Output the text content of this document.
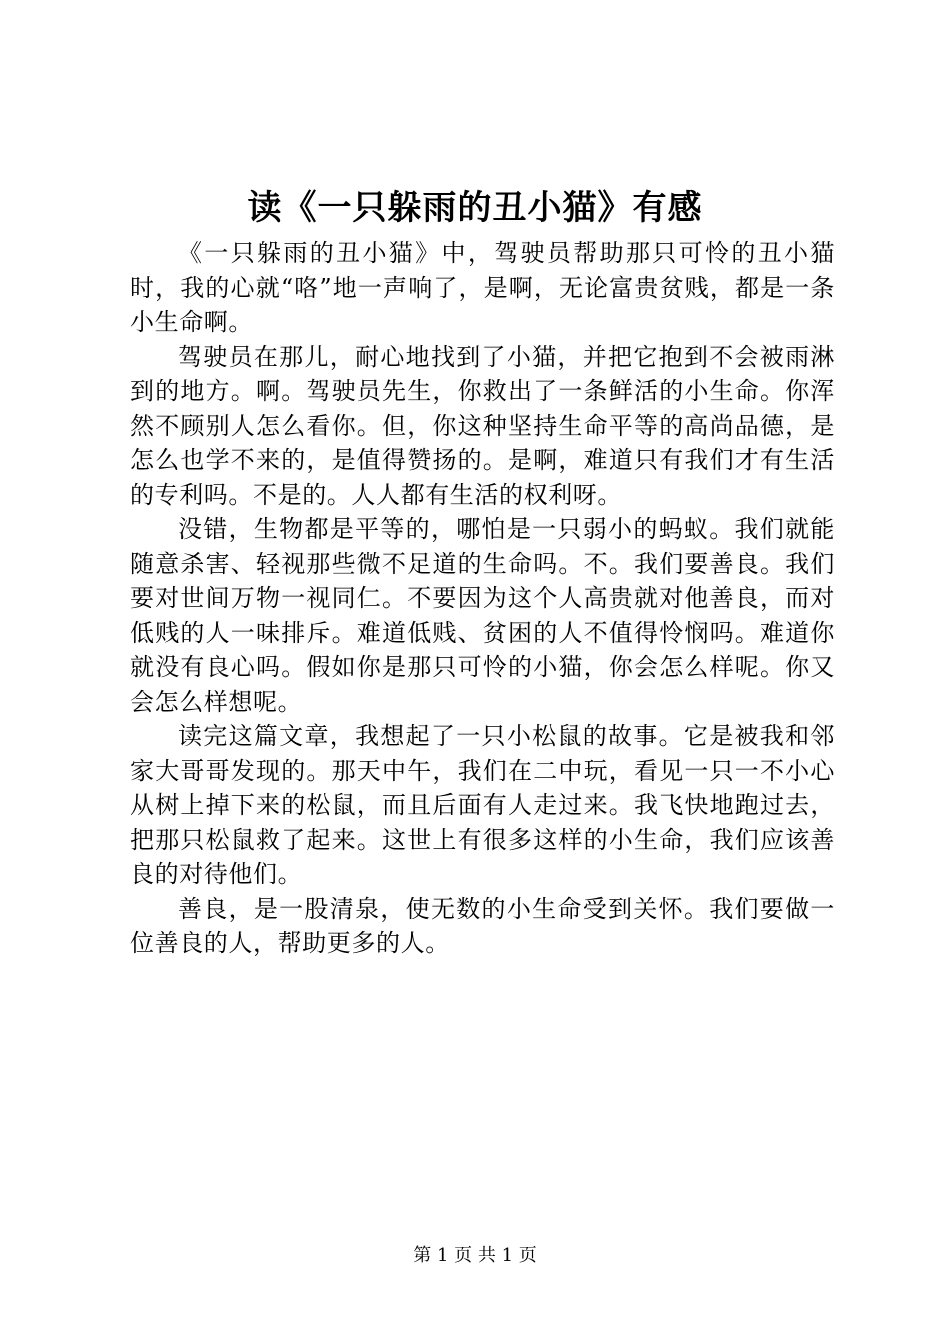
读《一只躲雨的丑小猫》有感

《一只躲雨的丑小猫》中，驾驶员帮助那只可怜的丑小猫时，我的心就“咯”地一声响了，是啊，无论富贵贫贱，都是一条小生命啊。

驾驶员在那儿，耐心地找到了小猫，并把它抱到不会被雨淋到的地方。啊。驾驶员先生，你救出了一条鲜活的小生命。你浑然不顾别人怎么看你。但，你这种坚持生命平等的高尚品德，是怎么也学不来的，是值得赞扬的。是啊，难道只有我们才有生活的专利吗。不是的。人人都有生活的权利呀。

没错，生物都是平等的，哪怕是一只弱小的蚂蚁。我们就能随意杀害、轻视那些微不足道的生命吗。不。我们要善良。我们要对世间万物一视同仁。不要因为这个人高贵就对他善良，而对低贱的人一味排斥。难道低贱、贫困的人不值得怜悯吗。难道你就没有良心吗。假如你是那只可怜的小猫，你会怎么样呢。你又会怎么样想呢。

读完这篇文章，我想起了一只小松鼠的故事。它是被我和邻家大哥哥发现的。那天中午，我们在二中玩，看见一只一不小心从树上掉下来的松鼠，而且后面有人走过来。我飞快地跑过去，把那只松鼠救了起来。这世上有很多这样的小生命，我们应该善良的对待他们。

善良，是一股清泉，使无数的小生命受到关怀。我们要做一位善良的人，帮助更多的人。

第 1 页 共 1 页
